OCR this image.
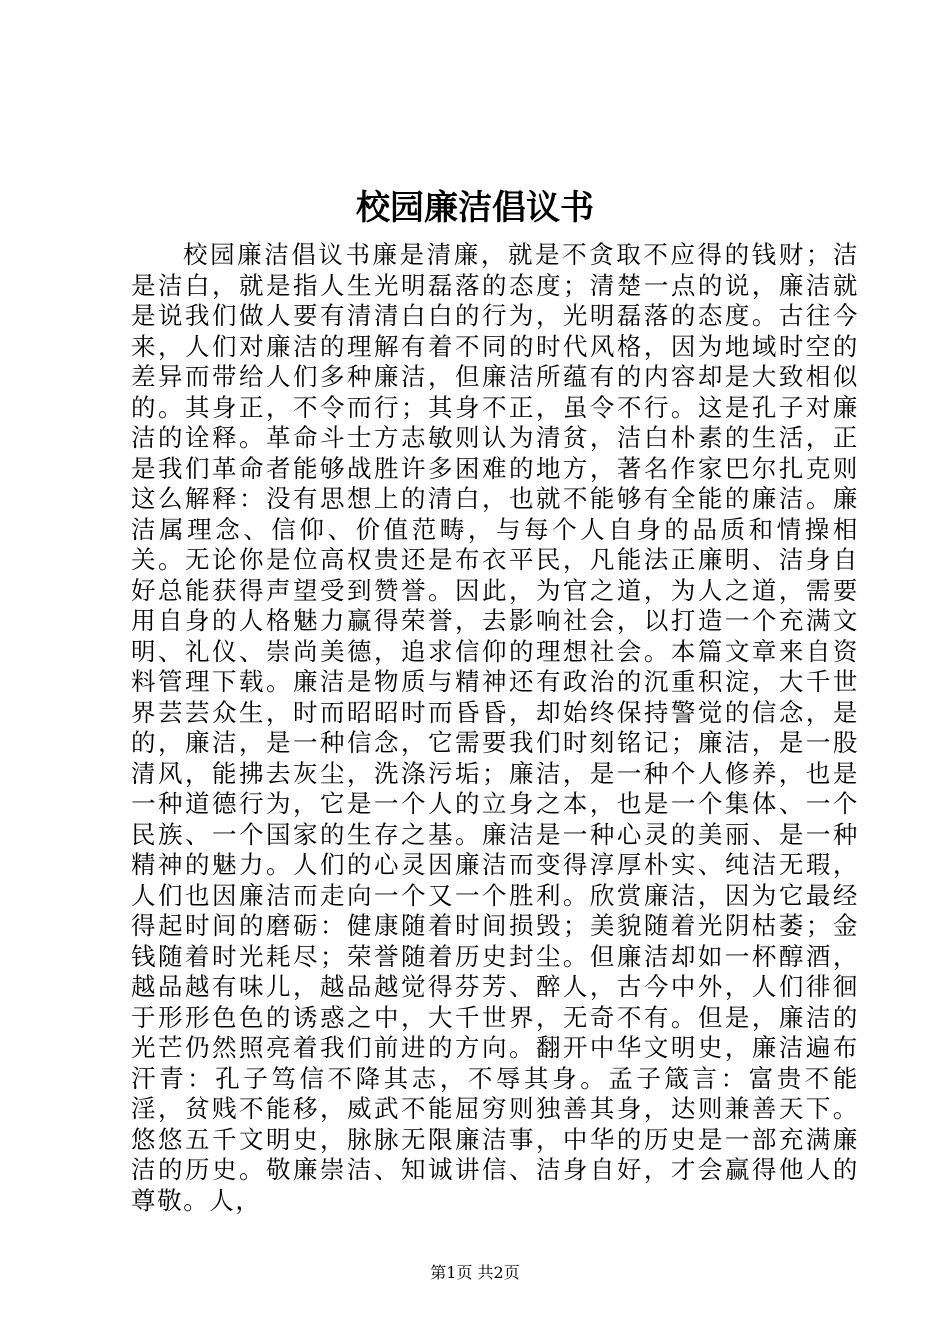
校园廉洁倡议书

校园廉洁倡议书廉是清廉，就是不贪取不应得的钱财；洁是洁白，就是指人生光明磊落的态度；清楚一点的说，廉洁就是说我们做人要有清清白白的行为，光明磊落的态度。古往今来，人们对廉洁的理解有着不同的时代风格，因为地域时空的差异而带给人们多种廉洁，但廉洁所蕴有的内容却是大致相似的。其身正，不令而行；其身不正，虽令不行。这是孔子对廉洁的诠释。革命斗士方志敏则认为清贫，洁白朴素的生活，正是我们革命者能够战胜许多困难的地方，著名作家巴尔扎克则这么解释：没有思想上的清白，也就不能够有全能的廉洁。廉洁属理念、信仰、价值范畴，与每个人自身的品质和情操相关。无论你是位高权贵还是布衣平民，凡能法正廉明、洁身自好总能获得声望受到赞誉。因此，为官之道，为人之道，需要用自身的人格魅力赢得荣誉，去影响社会，以打造一个充满文明、礼仪、崇尚美德，追求信仰的理想社会。本篇文章来自资料管理下载。廉洁是物质与精神还有政治的沉重积淀，大千世界芸芸众生，时而昭昭时而昏昏，却始终保持警觉的信念，是的，廉洁，是一种信念，它需要我们时刻铭记；廉洁，是一股清风，能拂去灰尘，洗涤污垢；廉洁，是一种个人修养，也是一种道德行为，它是一个人的立身之本，也是一个集体、一个民族、一个国家的生存之基。廉洁是一种心灵的美丽、是一种精神的魅力。人们的心灵因廉洁而变得淳厚朴实、纯洁无瑕，人们也因廉洁而走向一个又一个胜利。欣赏廉洁，因为它最经得起时间的磨砺：健康随着时间损毁；美貌随着光阴枯萎；金钱随着时光耗尽；荣誉随着历史封尘。但廉洁却如一杯醇酒，越品越有味儿，越品越觉得芬芳、醉人，古今中外，人们徘徊于形形色色的诱惑之中，大千世界，无奇不有。但是，廉洁的光芒仍然照亮着我们前进的方向。翻开中华文明史，廉洁遍布汗青：孔子笃信不降其志，不辱其身。孟子箴言：富贵不能淫，贫贱不能移，威武不能屈穷则独善其身，达则兼善天下。悠悠五千文明史，脉脉无限廉洁事，中华的历史是一部充满廉洁的历史。敬廉崇洁、知诚讲信、洁身自好，才会赢得他人的尊敬。人，

第1页 共2页
